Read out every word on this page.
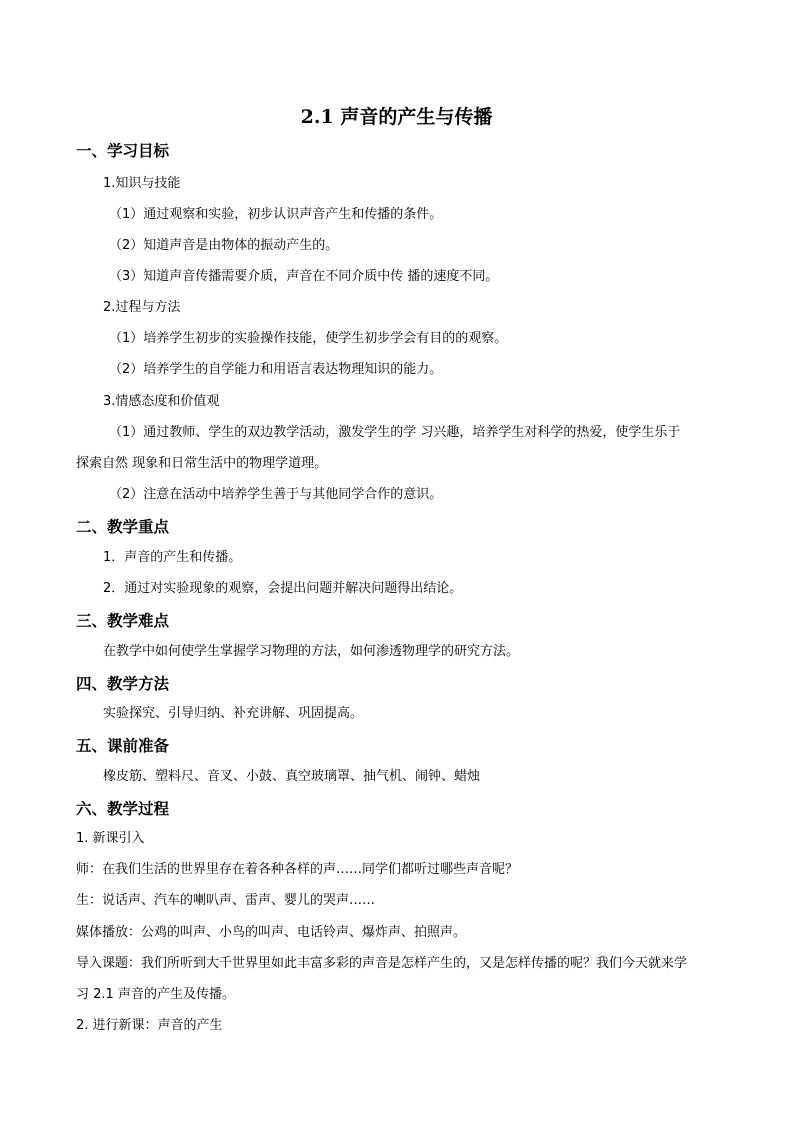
2.1 声音的产生与传播
一、学习目标
1.知识与技能
（1）通过观察和实验，初步认识声音产生和传播的条件。
（2）知道声音是由物体的振动产生的。
（3）知道声音传播需要介质，声音在不同介质中传 播的速度不同。
2.过程与方法
（1）培养学生初步的实验操作技能，使学生初步学会有目的的观察。
（2）培养学生的自学能力和用语言表达物理知识的能力。
3.情感态度和价值观
（1）通过教师、学生的双边教学活动，激发学生的学 习兴趣，培养学生对科学的热爱，使学生乐于
探索自然 现象和日常生活中的物理学道理。
（2）注意在活动中培养学生善于与其他同学合作的意识。
二、教学重点
1．声音的产生和传播。
2．通过对实验现象的观察，会提出问题并解决问题得出结论。
三、教学难点
在教学中如何使学生掌握学习物理的方法，如何渗透物理学的研究方法。
四、教学方法
实验探究、引导归纳、补充讲解、巩固提高。
五、课前准备
橡皮筋、塑料尺、音叉、小鼓、真空玻璃罩、抽气机、闹钟、蜡烛
六、教学过程
1. 新课引入
师：在我们生活的世界里存在着各种各样的声……同学们都听过哪些声音呢？
生：说话声、汽车的喇叭声、雷声、婴儿的哭声……
媒体播放：公鸡的叫声、小鸟的叫声、电话铃声、爆炸声、拍照声。
导入课题：我们所听到大千世界里如此丰富多彩的声音是怎样产生的，又是怎样传播的呢？我们今天就来学
习 2.1 声音的产生及传播。
2. 进行新课：声音的产生
